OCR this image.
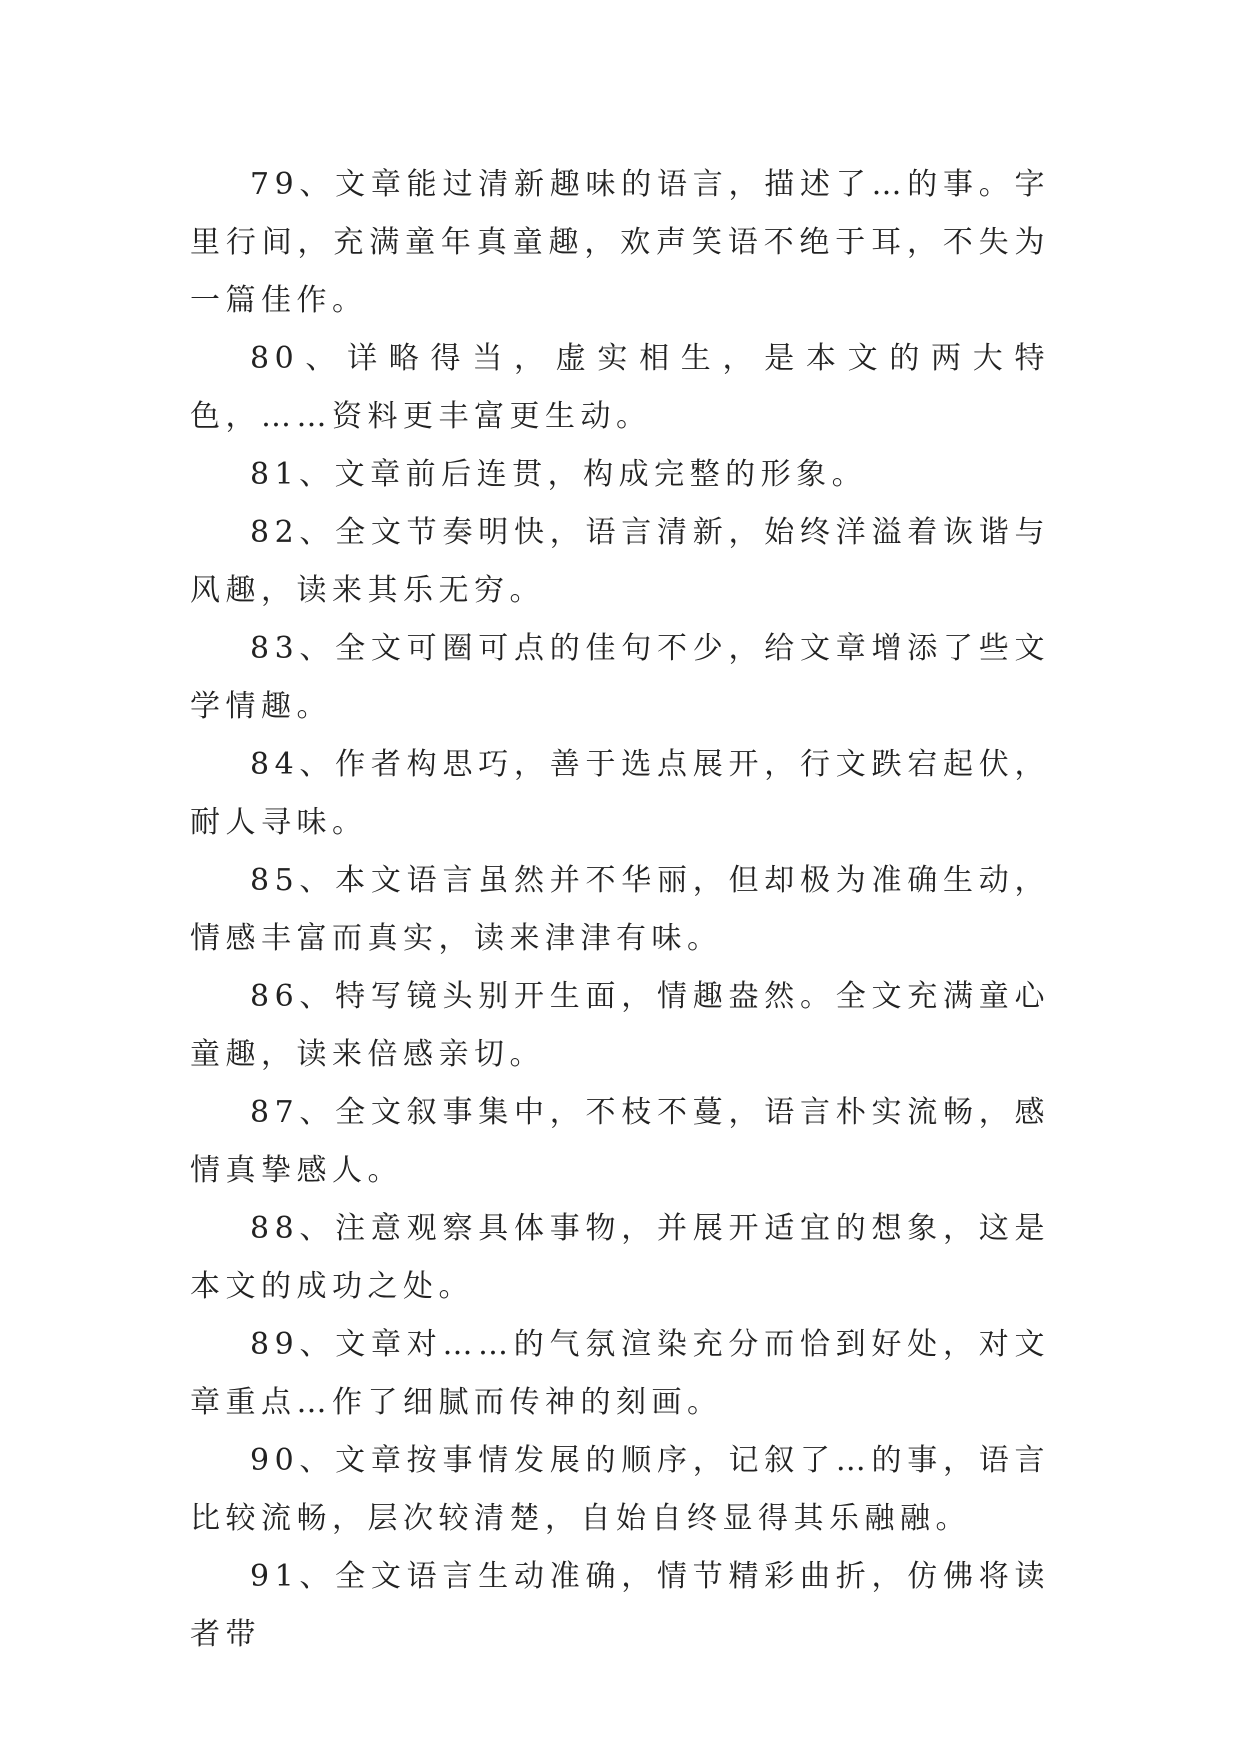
79、文章能过清新趣味的语言，描述了…的事。字里行间，充满童年真童趣，欢声笑语不绝于耳，不失为一篇佳作。

80、详略得当，虚实相生，是本文的两大特色，……资料更丰富更生动。

81、文章前后连贯，构成完整的形象。

82、全文节奏明快，语言清新，始终洋溢着诙谐与风趣，读来其乐无穷。

83、全文可圈可点的佳句不少，给文章增添了些文学情趣。

84、作者构思巧，善于选点展开，行文跌宕起伏，耐人寻味。

85、本文语言虽然并不华丽，但却极为准确生动，情感丰富而真实，读来津津有味。

86、特写镜头别开生面，情趣盎然。全文充满童心童趣，读来倍感亲切。

87、全文叙事集中，不枝不蔓，语言朴实流畅，感情真挚感人。

88、注意观察具体事物，并展开适宜的想象，这是本文的成功之处。

89、文章对……的气氛渲染充分而恰到好处，对文章重点…作了细腻而传神的刻画。

90、文章按事情发展的顺序，记叙了…的事，语言比较流畅，层次较清楚，自始自终显得其乐融融。

91、全文语言生动准确，情节精彩曲折，仿佛将读者带
